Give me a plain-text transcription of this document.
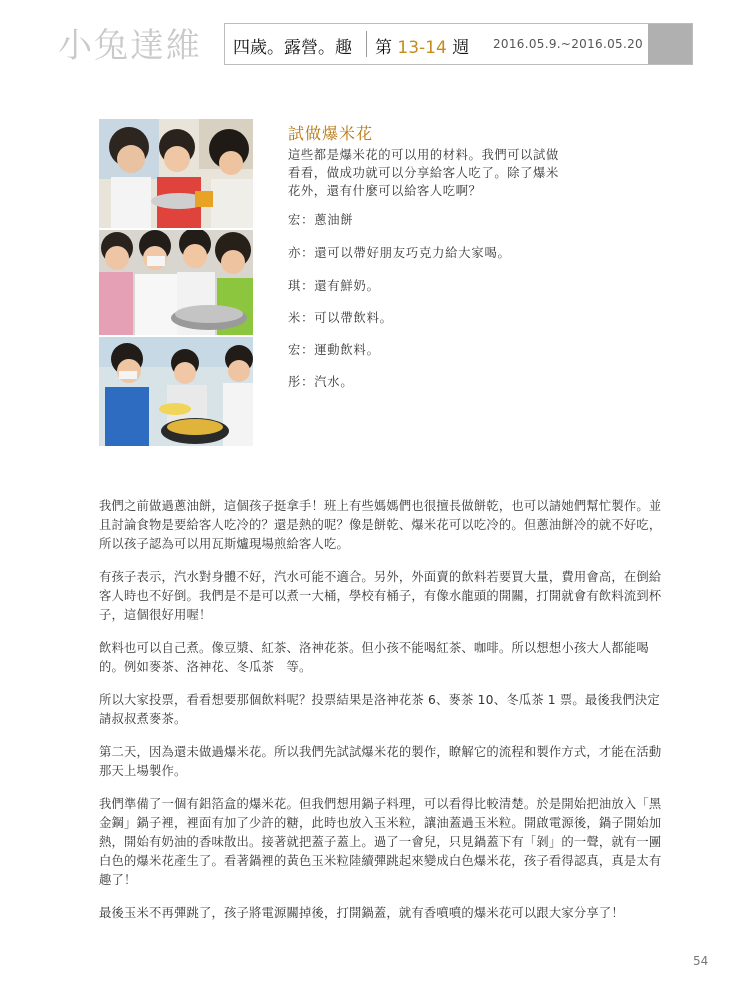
小兔達維 四歲。露營。趣 第 13-14 週 2016.05.9.~2016.05.20
試做爆米花
這些都是爆米花的可以用的材料。我們可以試做看看，做成功就可以分享給客人吃了。除了爆米花外，還有什麼可以給客人吃啊？
宏：蔥油餅
亦：還可以帶好朋友巧克力給大家喝。
琪：還有鮮奶。
米：可以帶飲料。
宏：運動飲料。
彤：汽水。

我們之前做過蔥油餅，這個孩子挺拿手！班上有些媽媽們也很擅長做餅乾，也可以請她們幫忙製作。並且討論食物是要給客人吃冷的？還是熱的呢？像是餅乾、爆米花可以吃冷的。但蔥油餅冷的就不好吃，所以孩子認為可以用瓦斯爐現場煎給客人吃。

有孩子表示，汽水對身體不好，汽水可能不適合。另外，外面賣的飲料若要買大量，費用會高，在倒給客人時也不好倒。我們是不是可以煮一大桶，學校有桶子，有像水龍頭的開關，打開就會有飲料流到杯子，這個很好用喔！

飲料也可以自己煮。像豆漿、紅茶、洛神花茶。但小孩不能喝紅茶、咖啡。所以想想小孩大人都能喝的。例如麥茶、洛神花、冬瓜茶　等。

所以大家投票，看看想要那個飲料呢？投票結果是洛神花茶 6、麥茶 10、冬瓜茶 1 票。最後我們決定請叔叔煮麥茶。

第二天，因為還未做過爆米花。所以我們先試試爆米花的製作，瞭解它的流程和製作方式，才能在活動那天上場製作。

我們準備了一個有鋁箔盒的爆米花。但我們想用鍋子料理，可以看得比較清楚。於是開始把油放入「黑金鋼」鍋子裡，裡面有加了少許的糖，此時也放入玉米粒，讓油蓋過玉米粒。開啟電源後，鍋子開始加熱，開始有奶油的香味散出。接著就把蓋子蓋上。過了一會兒，只見鍋蓋下有「剝」的一聲，就有一團白色的爆米花產生了。看著鍋裡的黃色玉米粒陸續彈跳起來變成白色爆米花，孩子看得認真，真是太有趣了！

最後玉米不再彈跳了，孩子將電源關掉後，打開鍋蓋，就有香噴噴的爆米花可以跟大家分享了！

54
